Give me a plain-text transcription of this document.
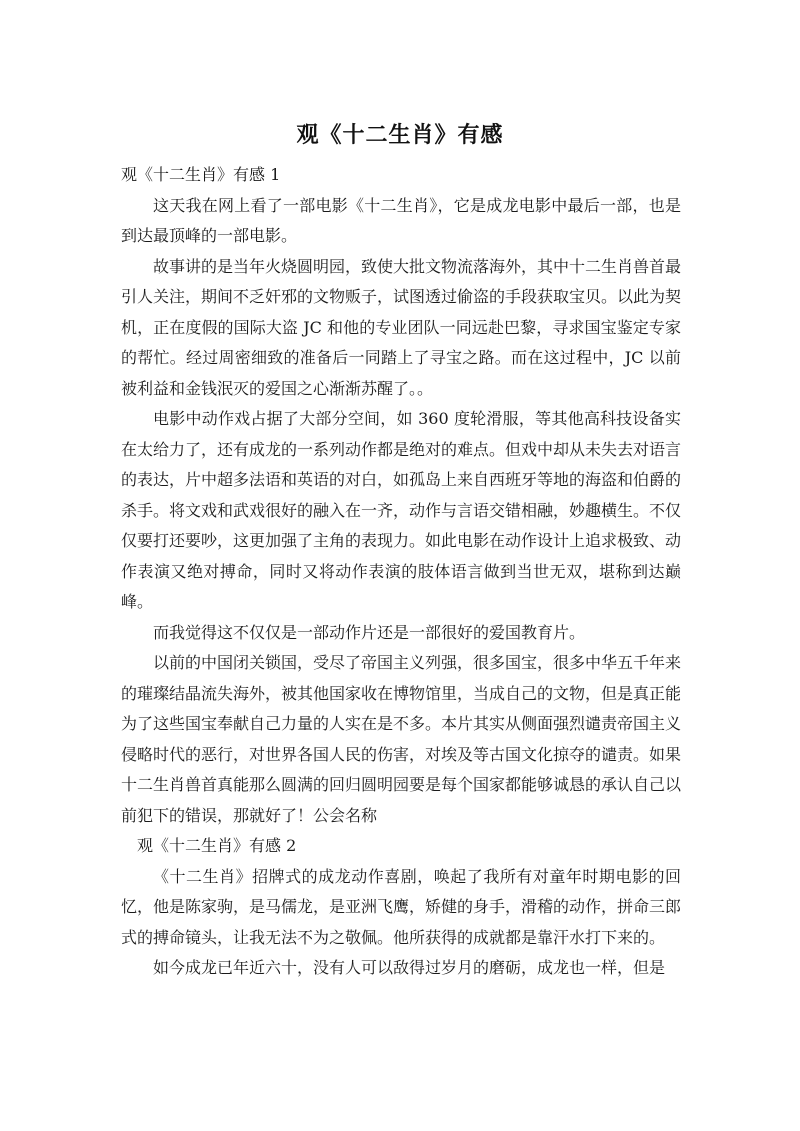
观《十二生肖》有感

观《十二生肖》有感 1

这天我在网上看了一部电影《十二生肖》，它是成龙电影中最后一部，也是到达最顶峰的一部电影。

故事讲的是当年火烧圆明园，致使大批文物流落海外，其中十二生肖兽首最引人关注，期间不乏奸邪的文物贩子，试图透过偷盗的手段获取宝贝。以此为契机，正在度假的国际大盗 JC 和他的专业团队一同远赴巴黎，寻求国宝鉴定专家的帮忙。经过周密细致的准备后一同踏上了寻宝之路。而在这过程中，JC 以前被利益和金钱泯灭的爱国之心渐渐苏醒了。。

电影中动作戏占据了大部分空间，如 360 度轮滑服，等其他高科技设备实在太给力了，还有成龙的一系列动作都是绝对的难点。但戏中却从未失去对语言的表达，片中超多法语和英语的对白，如孤岛上来自西班牙等地的海盗和伯爵的杀手。将文戏和武戏很好的融入在一齐，动作与言语交错相融，妙趣横生。不仅仅要打还要吵，这更加强了主角的表现力。如此电影在动作设计上追求极致、动作表演又绝对搏命，同时又将动作表演的肢体语言做到当世无双，堪称到达巅峰。

而我觉得这不仅仅是一部动作片还是一部很好的爱国教育片。

以前的中国闭关锁国，受尽了帝国主义列强，很多国宝，很多中华五千年来的璀璨结晶流失海外，被其他国家收在博物馆里，当成自己的文物，但是真正能为了这些国宝奉献自己力量的人实在是不多。本片其实从侧面强烈谴责帝国主义侵略时代的恶行，对世界各国人民的伤害，对埃及等古国文化掠夺的谴责。如果十二生肖兽首真能那么圆满的回归圆明园要是每个国家都能够诚恳的承认自己以前犯下的错误，那就好了！公会名称

观《十二生肖》有感 2

《十二生肖》招牌式的成龙动作喜剧，唤起了我所有对童年时期电影的回忆，他是陈家驹，是马儒龙，是亚洲飞鹰，矫健的身手，滑稽的动作，拼命三郎式的搏命镜头，让我无法不为之敬佩。他所获得的成就都是靠汗水打下来的。

如今成龙已年近六十，没有人可以敌得过岁月的磨砺，成龙也一样，但是
